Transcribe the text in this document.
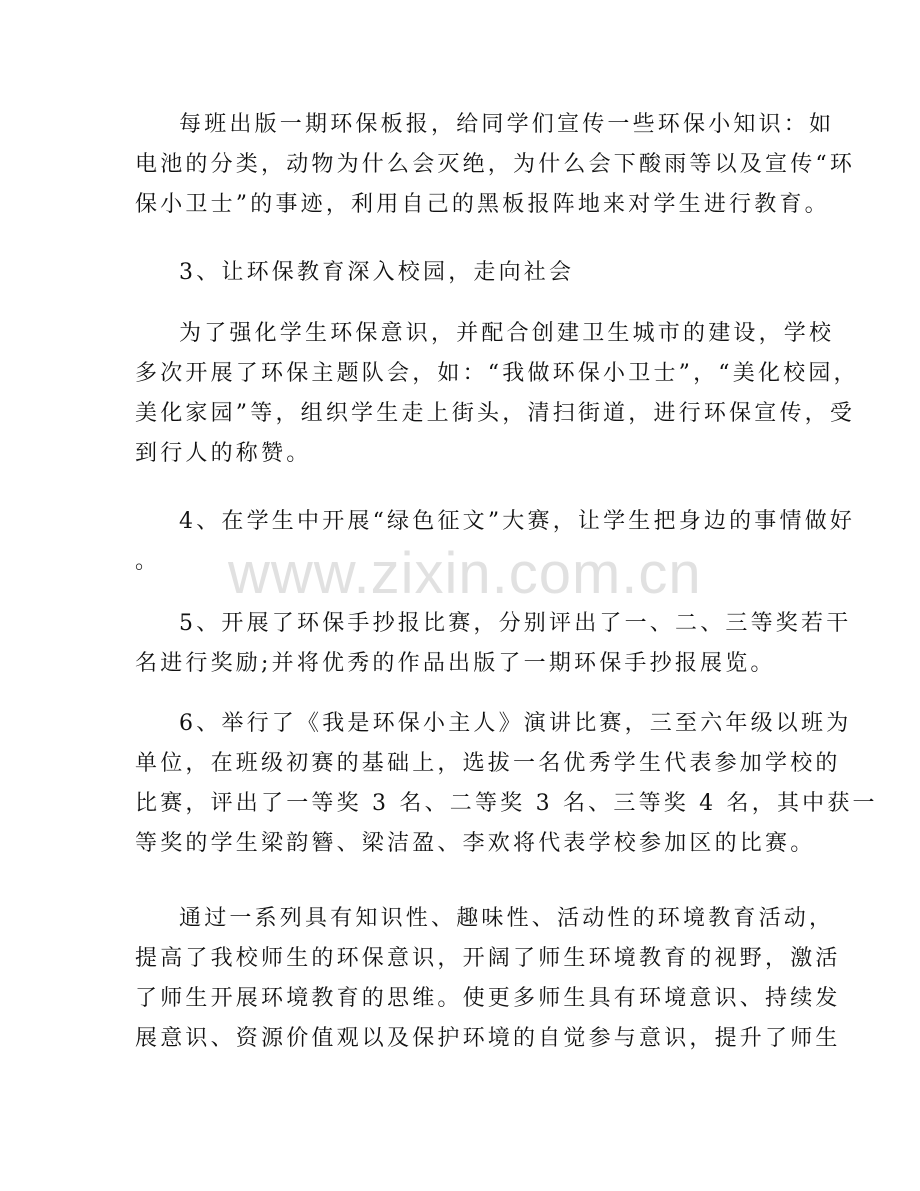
每班出版一期环保板报，给同学们宣传一些环保小知识：如
电池的分类，动物为什么会灭绝，为什么会下酸雨等以及宣传“环
保小卫士”的事迹，利用自己的黑板报阵地来对学生进行教育。

3、让环保教育深入校园，走向社会

为了强化学生环保意识，并配合创建卫生城市的建设，学校
多次开展了环保主题队会，如：“我做环保小卫士”，“美化校园，
美化家园”等，组织学生走上街头，清扫街道，进行环保宣传，受
到行人的称赞。

4、在学生中开展“绿色征文”大赛，让学生把身边的事情做好
。

5、开展了环保手抄报比赛，分别评出了一、二、三等奖若干
名进行奖励;并将优秀的作品出版了一期环保手抄报展览。

6、举行了《我是环保小主人》演讲比赛，三至六年级以班为
单位，在班级初赛的基础上，选拔一名优秀学生代表参加学校的
比赛，评出了一等奖 3 名、二等奖 3 名、三等奖 4 名，其中获一
等奖的学生梁韵簪、梁洁盈、李欢将代表学校参加区的比赛。

通过一系列具有知识性、趣味性、活动性的环境教育活动，
提高了我校师生的环保意识，开阔了师生环境教育的视野，激活
了师生开展环境教育的思维。使更多师生具有环境意识、持续发
展意识、资源价值观以及保护环境的自觉参与意识，提升了师生

www.zixin.com.cn
